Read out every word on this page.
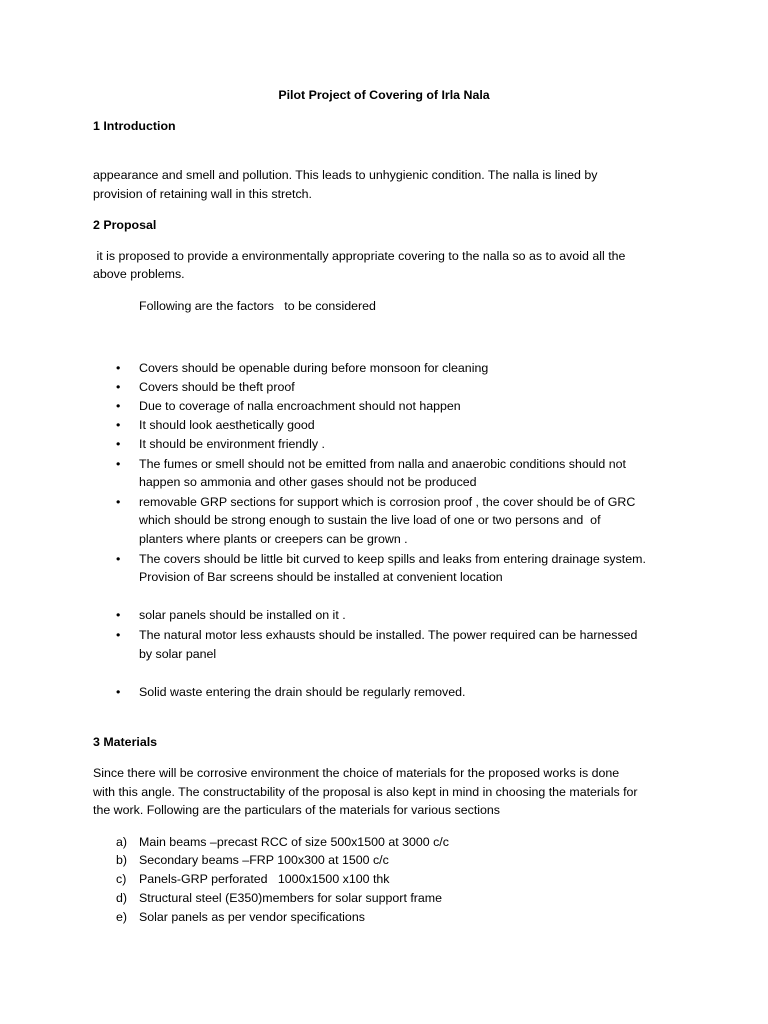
Pilot Project of Covering of Irla Nala
1 Introduction
appearance and smell and pollution. This leads to unhygienic condition. The nalla is lined by
provision of retaining wall in this stretch.
2 Proposal
it is proposed to provide a environmentally appropriate covering to the nalla so as to avoid all the
above problems.
Following are the factors   to be considered
• Covers should be openable during before monsoon for cleaning
• Covers should be theft proof
• Due to coverage of nalla encroachment should not happen
• It should look aesthetically good
• It should be environment friendly .
• The fumes or smell should not be emitted from nalla and anaerobic conditions should not
happen so ammonia and other gases should not be produced
• removable GRP sections for support which is corrosion proof , the cover should be of GRC
which should be strong enough to sustain the live load of one or two persons and  of
planters where plants or creepers can be grown .
• The covers should be little bit curved to keep spills and leaks from entering drainage system.
Provision of Bar screens should be installed at convenient location
• solar panels should be installed on it .
• The natural motor less exhausts should be installed. The power required can be harnessed
by solar panel
• Solid waste entering the drain should be regularly removed.
3 Materials
Since there will be corrosive environment the choice of materials for the proposed works is done
with this angle. The constructability of the proposal is also kept in mind in choosing the materials for
the work. Following are the particulars of the materials for various sections
a) Main beams –precast RCC of size 500x1500 at 3000 c/c
b) Secondary beams –FRP 100x300 at 1500 c/c
c) Panels-GRP perforated   1000x1500 x100 thk
d) Structural steel (E350)members for solar support frame
e) Solar panels as per vendor specifications
